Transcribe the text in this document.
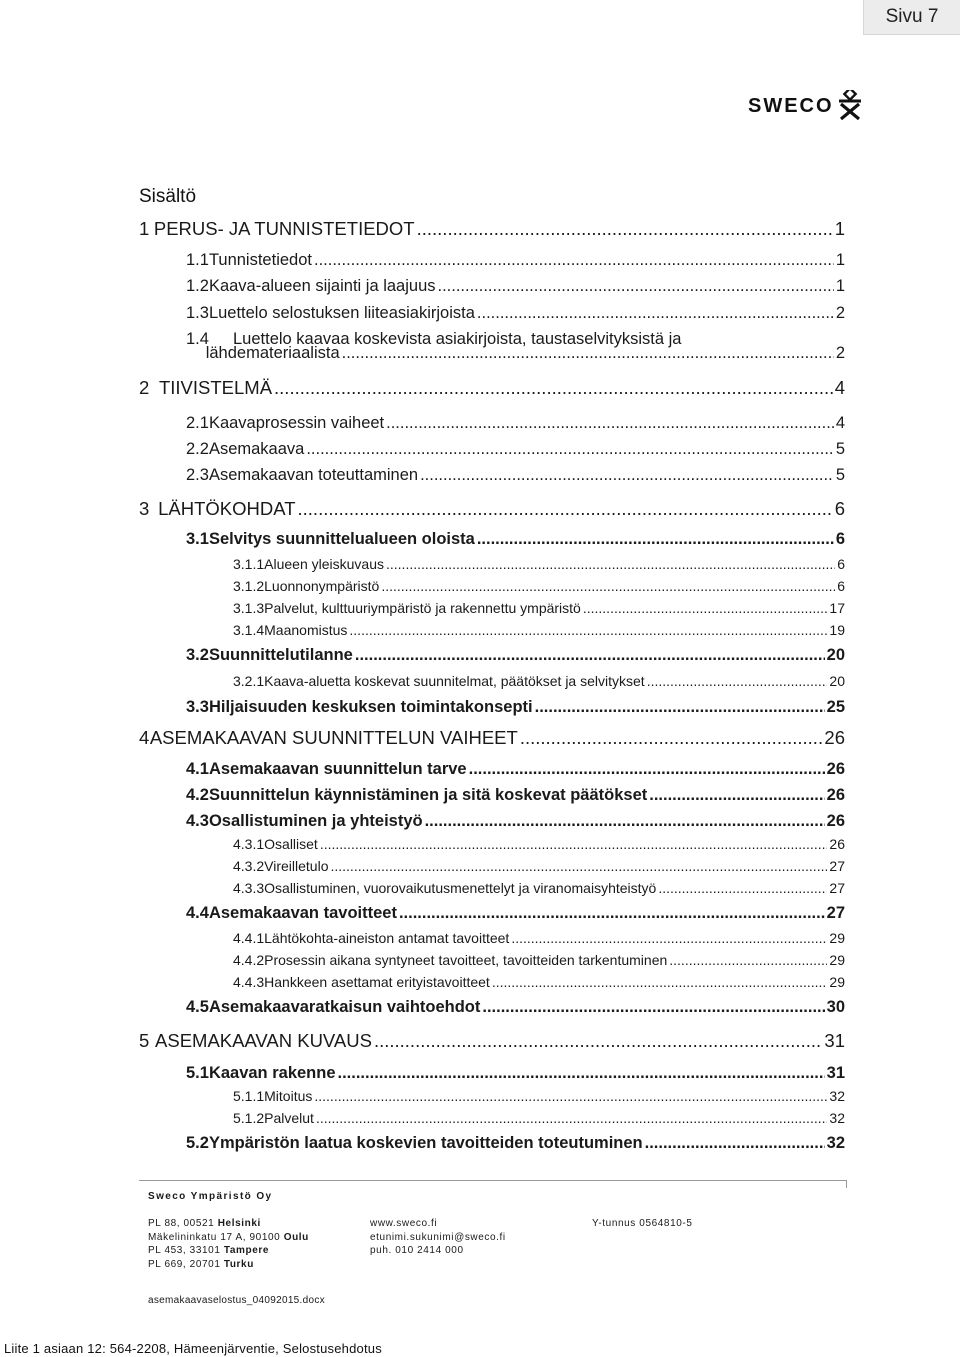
Sivu 7
SWECO
Sisältö
1 PERUS- JA TUNNISTETIEDOT .....	1
1.1 Tunnistetiedot .....	1
1.2 Kaava-alueen sijainti ja laajuus .....	1
1.3 Luettelo selostuksen liiteasiakirjoista .....	2
1.4	Luettelo kaavaa koskevista asiakirjoista, taustaselvityksistä ja
lähdemateriaalista .....	2
2 TIIVISTELMÄ .....	4
2.1 Kaavaprosessin vaiheet .....	4
2.2 Asemakaava .....	5
2.3 Asemakaavan toteuttaminen .....	5
3 LÄHTÖKOHDAT .....	6
3.1 Selvitys suunnittelualueen oloista .....	6
3.1.1 Alueen yleiskuvaus .....	6
3.1.2 Luonnonympäristö .....	6
3.1.3 Palvelut, kulttuuriympäristö ja rakennettu ympäristö .....	17
3.1.4 Maanomistus .....	19
3.2 Suunnittelutilanne .....	20
3.2.1 Kaava-aluetta koskevat suunnitelmat, päätökset ja selvitykset .....	20
3.3 Hiljaisuuden keskuksen toimintakonsepti .....	25
4 ASEMAKAAVAN SUUNNITTELUN VAIHEET .....	26
4.1 Asemakaavan suunnittelun tarve .....	26
4.2 Suunnittelun käynnistäminen ja sitä koskevat päätökset .....	26
4.3 Osallistuminen ja yhteistyö .....	26
4.3.1 Osalliset .....	26
4.3.2 Vireilletulo .....	27
4.3.3 Osallistuminen, vuorovaikutusmenettelyt ja viranomaisyhteistyö .....	27
4.4 Asemakaavan tavoitteet .....	27
4.4.1 Lähtökohta-aineiston antamat tavoitteet .....	29
4.4.2 Prosessin aikana syntyneet tavoitteet, tavoitteiden tarkentuminen .....	29
4.4.3 Hankkeen asettamat erityistavoitteet .....	29
4.5 Asemakaavaratkaisun vaihtoehdot .....	30
5 ASEMAKAAVAN KUVAUS .....	31
5.1 Kaavan rakenne .....	31
5.1.1 Mitoitus .....	32
5.1.2 Palvelut .....	32
5.2 Ympäristön laatua koskevien tavoitteiden toteutuminen .....	32
Sweco Ympäristö Oy
PL 88, 00521 Helsinki
Mäkelininkatu 17 A, 90100 Oulu
PL 453, 33101 Tampere
PL 669, 20701 Turku
www.sweco.fi
etunimi.sukunimi@sweco.fi
puh. 010 2414 000
Y-tunnus 0564810-5
asemakaavaselostus_04092015.docx
Liite 1 asiaan 12: 564-2208, Hämeenjärventie, Selostusehdotus
